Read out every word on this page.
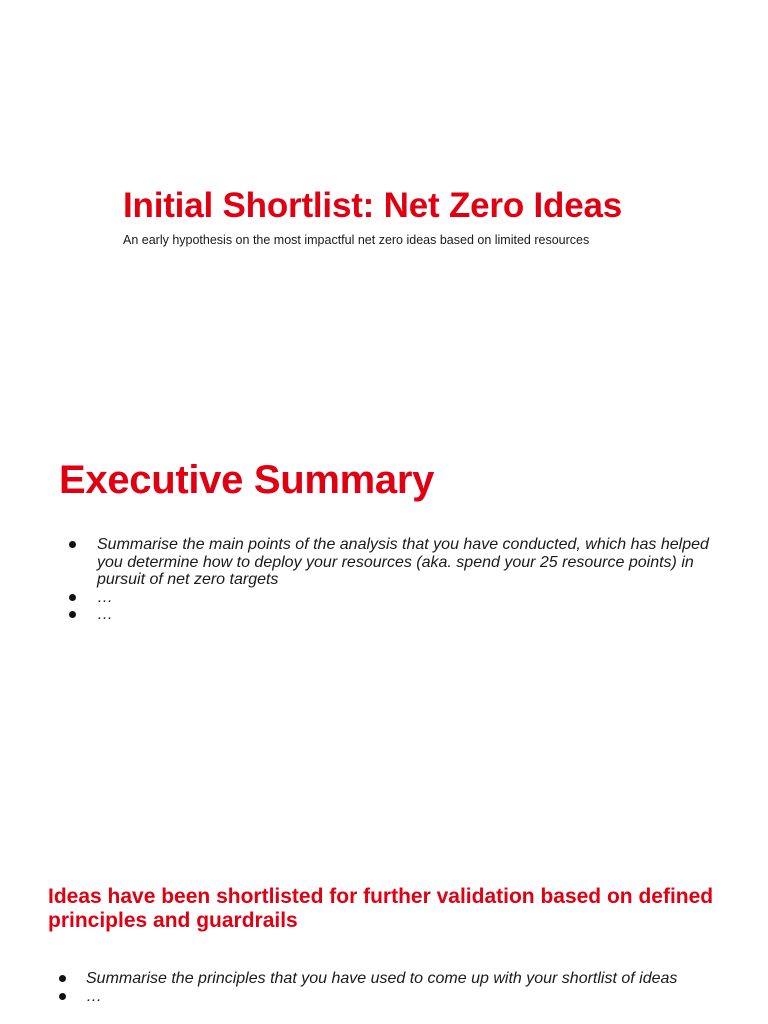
Initial Shortlist: Net Zero Ideas

An early hypothesis on the most impactful net zero ideas based on limited resources

Executive Summary
Summarise the main points of the analysis that you have conducted, which has helped you determine how to deploy your resources (aka. spend your 25 resource points) in pursuit of net zero targets
…
…
Ideas have been shortlisted for further validation based on defined principles and guardrails
Summarise the principles that you have used to come up with your shortlist of ideas
…
